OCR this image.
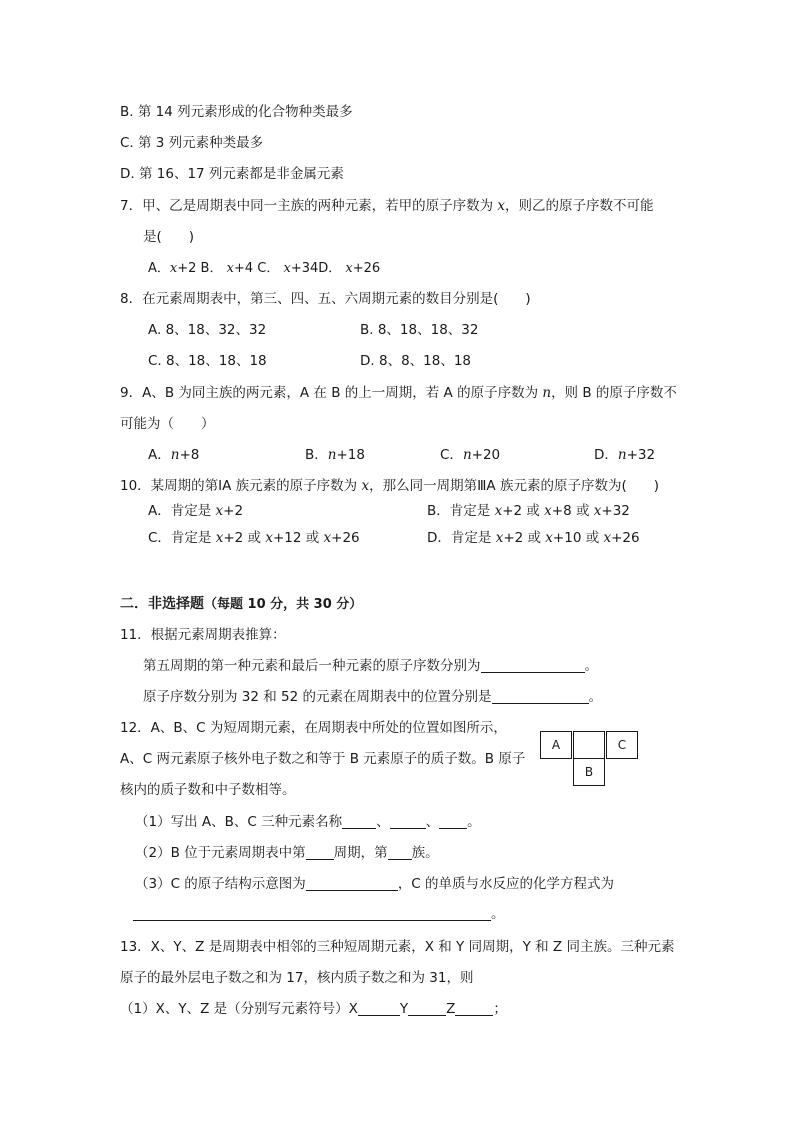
B. 第 14 列元素形成的化合物种类最多
C. 第 3 列元素种类最多
D. 第 16、17 列元素都是非金属元素
7．甲、乙是周期表中同一主族的两种元素，若甲的原子序数为 x，则乙的原子序数不可能
是(　　)
A．x+2 B． x+4 C． x+34D． x+26
8．在元素周期表中，第三、四、五、六周期元素的数目分别是(　　)
A. 8、18、32、32	B. 8、18、18、32
C. 8、18、18、18	D. 8、8、18、18
9．A、B 为同主族的两元素，A 在 B 的上一周期，若 A 的原子序数为 n，则 B 的原子序数不
可能为（　　）
A．n+8	B．n+18	C．n+20	D．n+32
10．某周期的第ⅠA 族元素的原子序数为 x，那么同一周期第ⅢA 族元素的原子序数为(　　)
A．肯定是 x+2	B．肯定是 x+2 或 x+8 或 x+32
C．肯定是 x+2 或 x+12 或 x+26	D．肯定是 x+2 或 x+10 或 x+26
二．非选择题（每题 10 分，共 30 分）
11．根据元素周期表推算：
第五周期的第一种元素和最后一种元素的原子序数分别为	。
原子序数分别为 32 和 52 的元素在周期表中的位置分别是	。
12．A、B、C 为短周期元素，在周期表中所处的位置如图所示，
A、C 两元素原子核外电子数之和等于 B 元素原子的质子数。B 原子
核内的质子数和中子数相等。
A	C
B
（1）写出 A、B、C 三种元素名称	、	、 。
（2）B 位于元素周期表中第 周期，第 族。
（3）C 的原子结构示意图为	，C 的单质与水反应的化学方程式为
。
13．X、Y、Z 是周期表中相邻的三种短周期元素，X 和 Y 同周期，Y 和 Z 同主族。三种元素
原子的最外层电子数之和为 17，核内质子数之和为 31，则
（1）X、Y、Z 是（分别写元素符号）X	Y	Z	；
